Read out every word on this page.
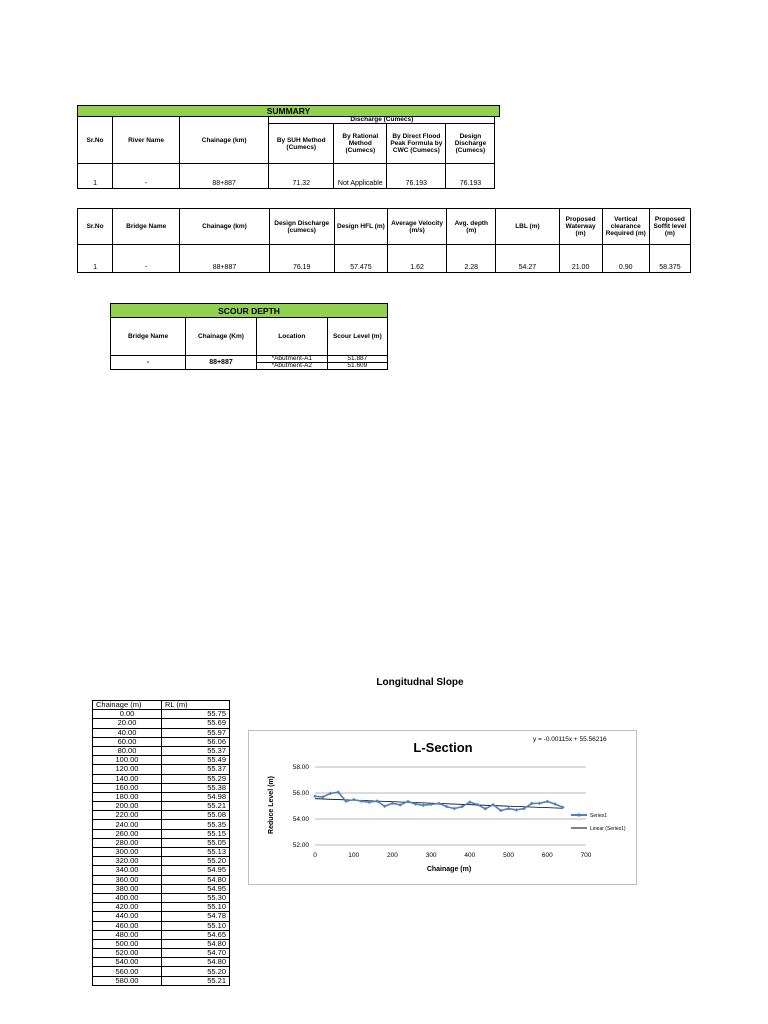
SUMMARY							
Sr.No	River Name	Chainage (km)	Discharge (Cumecs)				
			By SUH Method (Cumecs)	By Rational Method (Cumecs)	By Direct Flood Peak Formula by CWC (Cumecs)	Design Discharge (Cumecs)	
1	-	88+887	71.32	Not Applicable	76.193	76.193	
Sr.No	Bridge Name	Chainage (km)	Design Discharge (cumecs)	Design HFL (m)	Average Velocity (m/s)	Avg. depth (m)	LBL (m)	Proposed Waterway (m)	Vertical clearance Required (m)	Proposed Soffit level (m)
1	-	88+887	76.19	57.475	1.62	2.28	54.27	21.00	0.90	58.375
SCOUR DEPTH			
Bridge Name	Chainage (Km)	Location	Scour Level (m)
-	88+887	*Abutment-A1	51.887
		*Abutment-A2	51.609
Longitudnal Slope
Chainage (m)	RL (m)
0.00	55.75
20.00	55.69
40.00	55.97
60.00	56.06
80.00	55.37
100.00	55.49
120.00	55.37
140.00	55.29
160.00	55.38
180.00	54.98
200.00	55.21
220.00	55.08
240.00	55.35
260.00	55.15
280.00	55.05
300.00	55.13
320.00	55.20
340.00	54.95
360.00	54.80
380.00	54.95
400.00	55.30
420.00	55.10
440.00	54.78
460.00	55.10
480.00	54.65
500.00	54.80
520.00	54.70
540.00	54.80
560.00	55.20
580.00	55.21
L-Section
y = -0.00115x + 55.56216
52.00
54.00
56.00
58.00
0	100	200	300	400	500	600	700
Reduce Level (m)
Chainage (m)
Series1
Linear (Series1)
